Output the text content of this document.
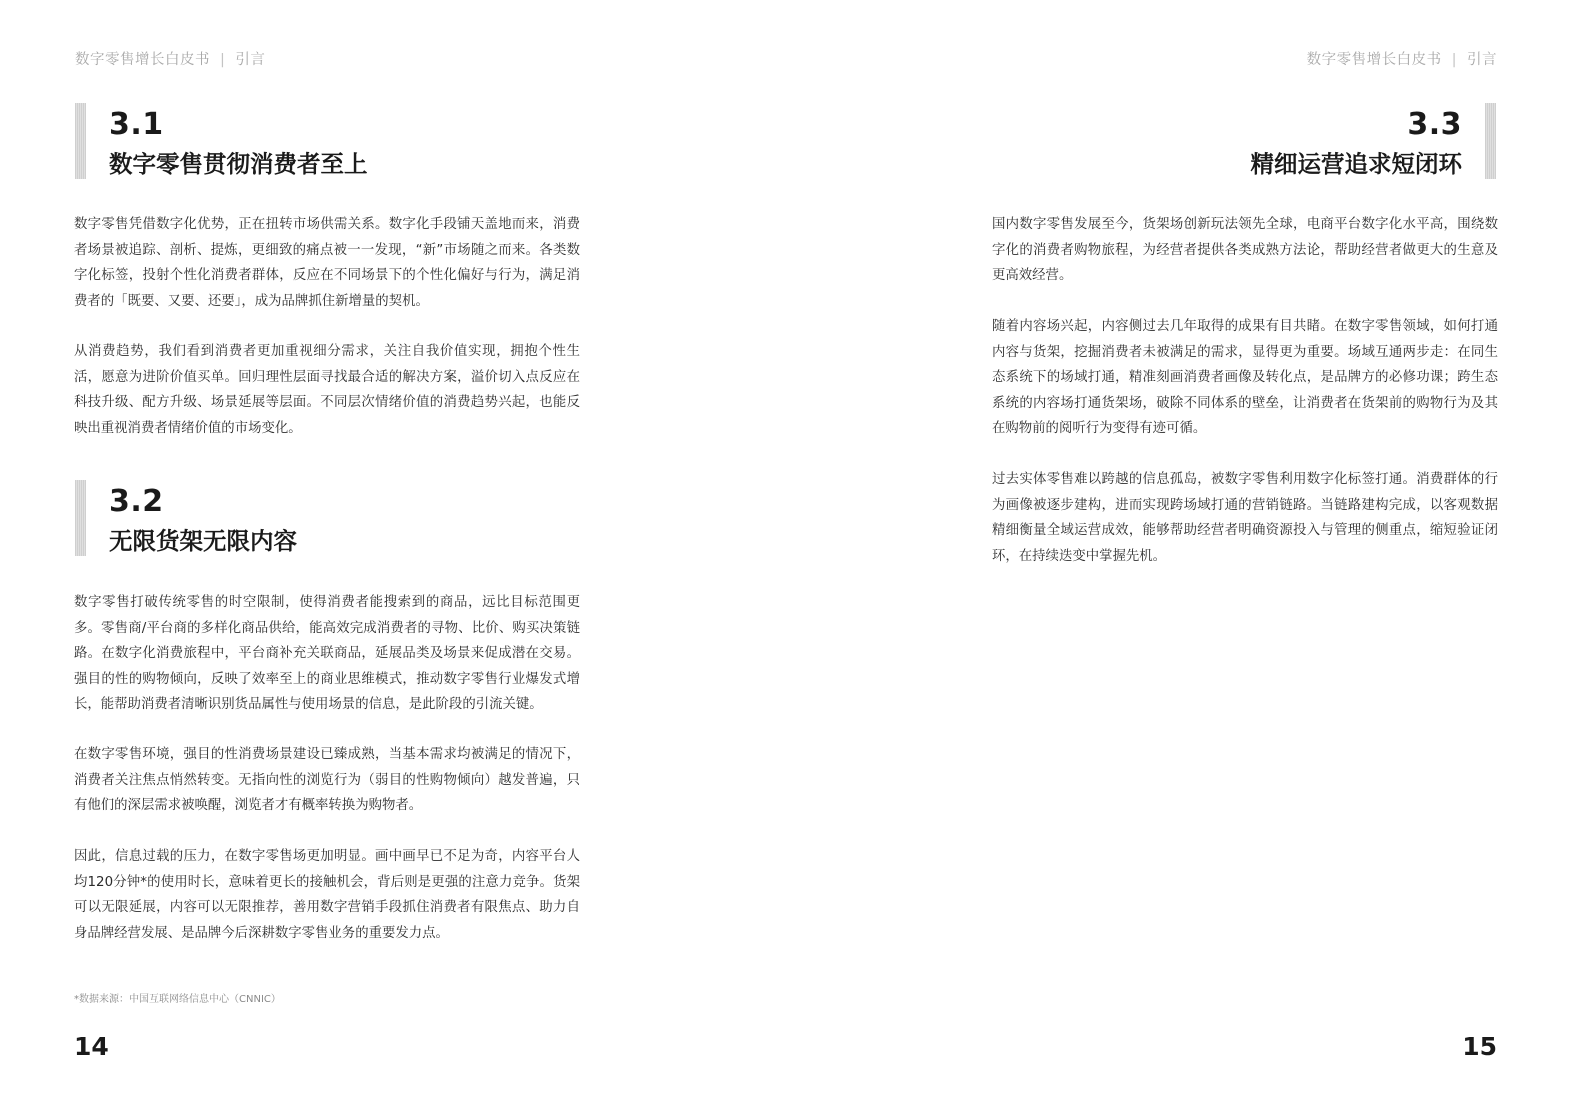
数字零售增长白皮书 | 引言
3.1
数字零售贯彻消费者至上

数字零售凭借数字化优势，正在扭转市场供需关系。数字化手段铺天盖地而来，消费者场景被追踪、剖析、提炼，更细致的痛点被一一发现，“新”市场随之而来。各类数字化标签，投射个性化消费者群体，反应在不同场景下的个性化偏好与行为，满足消费者的「既要、又要、还要」，成为品牌抓住新增量的契机。

从消费趋势，我们看到消费者更加重视细分需求，关注自我价值实现，拥抱个性生活，愿意为进阶价值买单。回归理性层面寻找最合适的解决方案，溢价切入点反应在科技升级、配方升级、场景延展等层面。不同层次情绪价值的消费趋势兴起，也能反映出重视消费者情绪价值的市场变化。

3.2
无限货架无限内容

数字零售打破传统零售的时空限制，使得消费者能搜索到的商品，远比目标范围更多。零售商/平台商的多样化商品供给，能高效完成消费者的寻物、比价、购买决策链路。在数字化消费旅程中，平台商补充关联商品，延展品类及场景来促成潜在交易。强目的性的购物倾向，反映了效率至上的商业思维模式，推动数字零售行业爆发式增长，能帮助消费者清晰识别货品属性与使用场景的信息，是此阶段的引流关键。

在数字零售环境，强目的性消费场景建设已臻成熟，当基本需求均被满足的情况下，消费者关注焦点悄然转变。无指向性的浏览行为（弱目的性购物倾向）越发普遍，只有他们的深层需求被唤醒，浏览者才有概率转换为购物者。

因此，信息过载的压力，在数字零售场更加明显。画中画早已不足为奇，内容平台人均120分钟*的使用时长，意味着更长的接触机会，背后则是更强的注意力竞争。货架可以无限延展，内容可以无限推荐，善用数字营销手段抓住消费者有限焦点、助力自身品牌经营发展、是品牌今后深耕数字零售业务的重要发力点。

*数据来源：中国互联网络信息中心（CNNIC）
14
数字零售增长白皮书 | 引言
3.3
精细运营追求短闭环

国内数字零售发展至今，货架场创新玩法领先全球，电商平台数字化水平高，围绕数字化的消费者购物旅程，为经营者提供各类成熟方法论，帮助经营者做更大的生意及更高效经营。

随着内容场兴起，内容侧过去几年取得的成果有目共睹。在数字零售领域，如何打通内容与货架，挖掘消费者未被满足的需求，显得更为重要。场域互通两步走：在同生态系统下的场域打通，精准刻画消费者画像及转化点，是品牌方的必修功课；跨生态系统的内容场打通货架场，破除不同体系的壁垒，让消费者在货架前的购物行为及其在购物前的阅听行为变得有迹可循。

过去实体零售难以跨越的信息孤岛，被数字零售利用数字化标签打通。消费群体的行为画像被逐步建构，进而实现跨场域打通的营销链路。当链路建构完成，以客观数据精细衡量全域运营成效，能够帮助经营者明确资源投入与管理的侧重点，缩短验证闭环，在持续迭变中掌握先机。

15
